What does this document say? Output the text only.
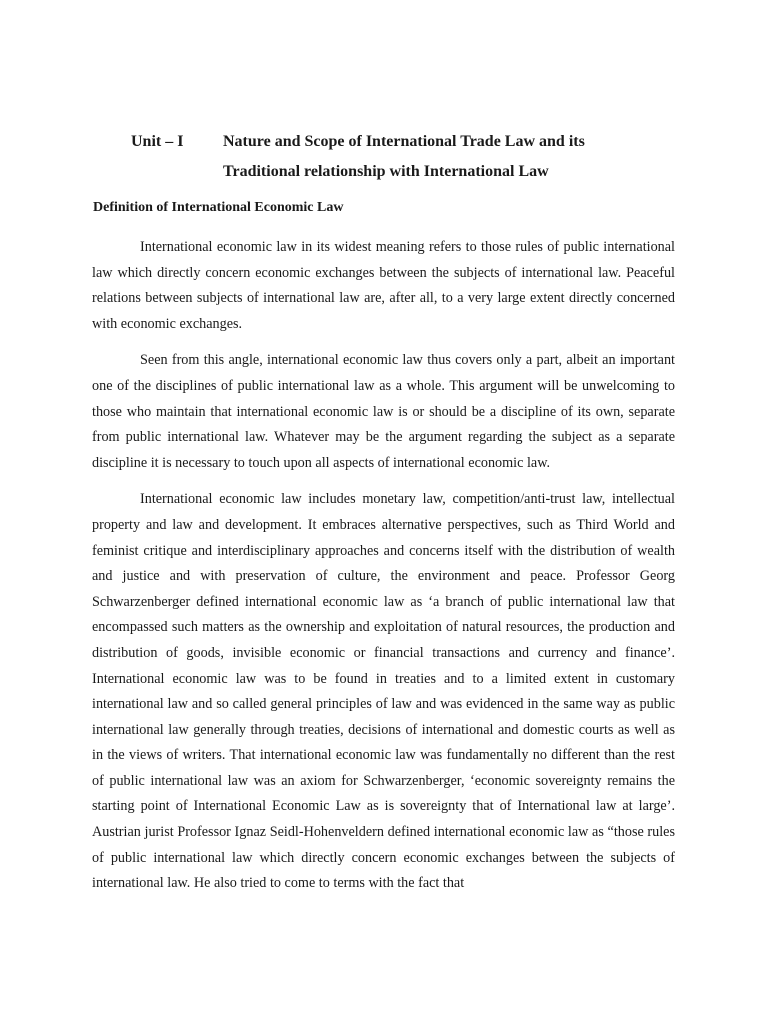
Unit – I	Nature and Scope of International Trade Law and its
Traditional relationship with International Law
Definition of International Economic Law

International economic law in its widest meaning refers to those rules of public international law which directly concern economic exchanges between the subjects of international law. Peaceful relations between subjects of international law are, after all, to a very large extent directly concerned with economic exchanges.

Seen from this angle, international economic law thus covers only a part, albeit an important one of the disciplines of public international law as a whole. This argument will be unwelcoming to those who maintain that international economic law is or should be a discipline of its own, separate from public international law. Whatever may be the argument regarding the subject as a separate discipline it is necessary to touch upon all aspects of international economic law.

International economic law includes monetary law, competition/anti-trust law, intellectual property and law and development. It embraces alternative perspectives, such as Third World and feminist critique and interdisciplinary approaches and concerns itself with the distribution of wealth and justice and with preservation of culture, the environment and peace. Professor Georg Schwarzenberger defined international economic law as ‘a branch of public international law that encompassed such matters as the ownership and exploitation of natural resources, the production and distribution of goods, invisible economic or financial transactions and currency and finance’. International economic law was to be found in treaties and to a limited extent in customary international law and so called general principles of law and was evidenced in the same way as public international law generally through treaties, decisions of international and domestic courts as well as in the views of writers. That international economic law was fundamentally no different than the rest of public international law was an axiom for Schwarzenberger, ‘economic sovereignty remains the starting point of International Economic Law as is sovereignty that of International law at large’. Austrian jurist Professor Ignaz Seidl-Hohenveldern defined international economic law as “those rules of public international law which directly concern economic exchanges between the subjects of international law. He also tried to come to terms with the fact that
